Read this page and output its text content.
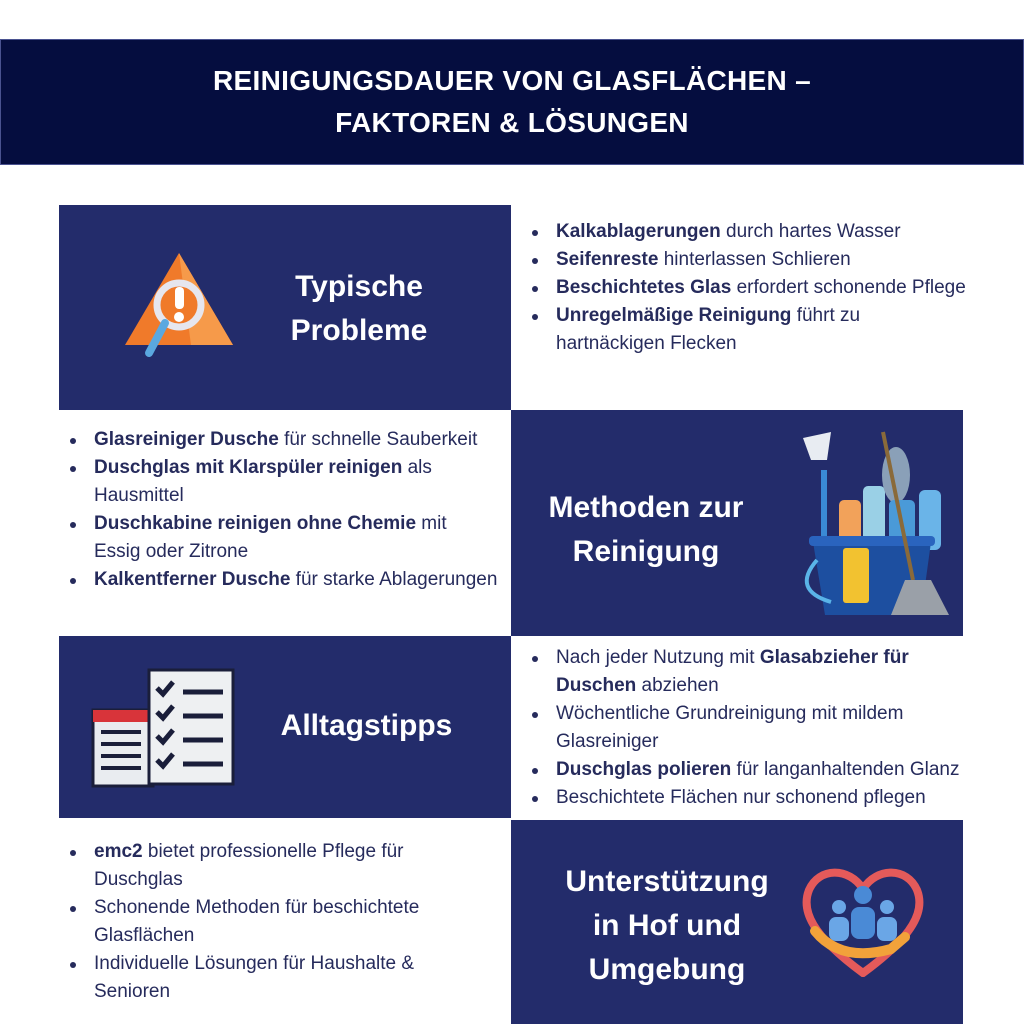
REINIGUNGSDAUER VON GLASFLÄCHEN –
FAKTOREN & LÖSUNGEN
Typische
Probleme
Kalkablagerungen durch hartes Wasser
Seifenreste hinterlassen Schlieren
Beschichtetes Glas erfordert schonende Pflege
Unregelmäßige Reinigung führt zu hartnäckigen Flecken
Glasreiniger Dusche für schnelle Sauberkeit
Duschglas mit Klarspüler reinigen als Hausmittel
Duschkabine reinigen ohne Chemie mit Essig oder Zitrone
Kalkentferner Dusche für starke Ablagerungen
Methoden zur
Reinigung
Alltagstipps
Nach jeder Nutzung mit Glasabzieher für Duschen abziehen
Wöchentliche Grundreinigung mit mildem Glasreiniger
Duschglas polieren für langanhaltenden Glanz
Beschichtete Flächen nur schonend pflegen
emc2 bietet professionelle Pflege für Duschglas
Schonende Methoden für beschichtete Glasflächen
Individuelle Lösungen für Haushalte & Senioren
Unterstützung
in Hof und
Umgebung
